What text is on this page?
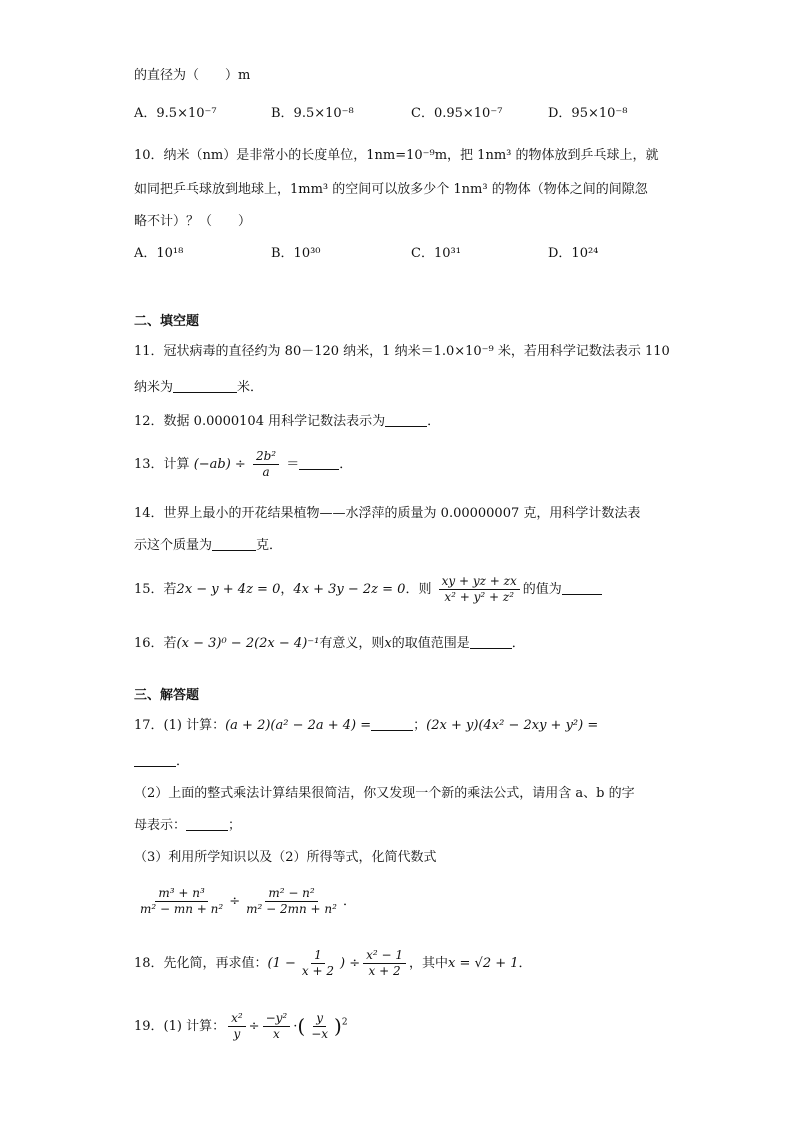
的直径为（　　）m
A．9.5×10⁻⁷	B．9.5×10⁻⁸	C．0.95×10⁻⁷	D．95×10⁻⁸
10．纳米（nm）是非常小的长度单位，1nm=10⁻⁹m，把 1nm³ 的物体放到乒乓球上，就
如同把乒乓球放到地球上，1mm³ 的空间可以放多少个 1nm³ 的物体（物体之间的间隙忽
略不计）？（　　）
A．10¹⁸	B．10³⁰	C．10³¹	D．10²⁴
二、填空题
11．冠状病毒的直径约为 80－120 纳米，1 纳米＝1.0×10⁻⁹ 米，若用科学记数法表示 110
纳米为	米．
12．数据 0.0000104 用科学记数法表示为	．
13．计算 $(-ab) \div \frac{\text{2b²}}{a}$ ＝	．
14．世界上最小的开花结果植物——水浮萍的质量为 0.00000007 克，用科学计数法表
示这个质量为	克．
15．若2x − y + 4z = 0，4x + 3y − 2z = 0．则 $\frac{xy + yz + zx}{\text{x² + y² + z²}}$ 的值为
16．若(x − 3)⁰ − 2(2x − 4)⁻¹有意义，则x的取值范围是	．
三、解答题
17．(1) 计算：(a + 2)(a² − 2a + 4) =	；(2x + y)(4x² − 2xy + y²) =
．
（2）上面的整式乘法计算结果很简洁，你又发现一个新的乘法公式，请用含 a、b 的字
母表示：	；
（3）利用所学知识以及（2）所得等式，化简代数式
$\frac{\text{m³ + n³}}{\text{m² − mn + n²}} \div \frac{\text{m² − n²}}{\text{m² − 2mn + n²}}$ ．
18．先化简，再求值：($1 - \frac{1}{x + 2}$ ) ÷ $\frac{\text{x² − 1}}{x + 2}$ ，其中x = √2 + 1．
19．(1) 计算： $\frac{\text{x²}}{y} \div \frac{\text{−y²}}{x}$ ·( $\frac{y}{-x} )^2$
